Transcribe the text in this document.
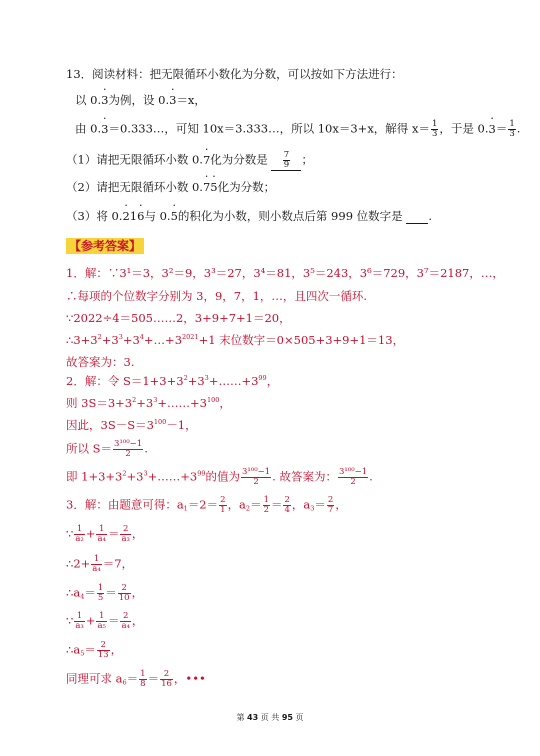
13．阅读材料：把无限循环小数化为分数，可以按如下方法进行：
以 0.· 3为例，设 0.· 3＝x，
由 0.· 3＝0.333…，可知 10x＝3.333…，所以 10x＝3+x，解得 $x= \frac{1}{3}$ ，于是 $0.\cdot 3= \frac{1}{3}$ .
（1）请把无限循环小数 0.· 7化为分数是 $\frac{7}{9}$ ；
（2）请把无限循环小数 0.· 7· 5化为分数；
（3）将 0.· 21· 6与 0.· 5的积化为小数，则小数点后第 999 位数字是 .
【参考答案】
1．解：∵3¹＝3，3²＝9，3³＝27，3⁴＝81，3⁵＝243，3⁶＝729，3⁷＝2187，…，
∴每项的个位数字分别为 3，9，7，1，…，且四次一循环.
∵2022÷4＝505……2，3+9+7+1＝20，
$\therefore 3+3^2+3^3+3^4+\dots+3^{2021}+1$ 末位数字＝0×505+3+9+1＝13，
故答案为：3.
2．解：令 $S=1+3+3^2+3^3+\dots\dots+3^{99}$，
则 $3S=3+3^2+3^3+\dots\dots+3^{100}$，
因此，$3S-S=3^{100}-1$，
所以 $S= \frac{\text{3¹⁰⁰−1}}{2}$ .
即 $1+3+3^2+3^3+\dots\dots+3^{99}$的值为 $\frac{\text{3¹⁰⁰−1}}{2}$ . 故答案为： $\frac{\text{3¹⁰⁰−1}}{2}$ .
3．解：由题意可得：$a_1=2= \frac{2}{1}$ ，$a_2= \frac{1}{2} = \frac{2}{4}$ ，$a_3= \frac{2}{7}$ ，
∵ $\frac{1}{\text{a₂}} + \frac{1}{\text{a₄}} = \frac{2}{\text{a₃}}$ ，
∴2+ $\frac{1}{\text{a₄}} =7$，
$\therefore a_4= \frac{1}{5} = \frac{2}{10}$ ，
∵ $\frac{1}{\text{a₃}} + \frac{1}{\text{a₅}} = \frac{2}{\text{a₄}}$ ，
$\therefore a_5= \frac{2}{13}$ ，
同理可求 $a_6= \frac{1}{8} = \frac{2}{16}$ ，•••
第 43 页 共 95 页
